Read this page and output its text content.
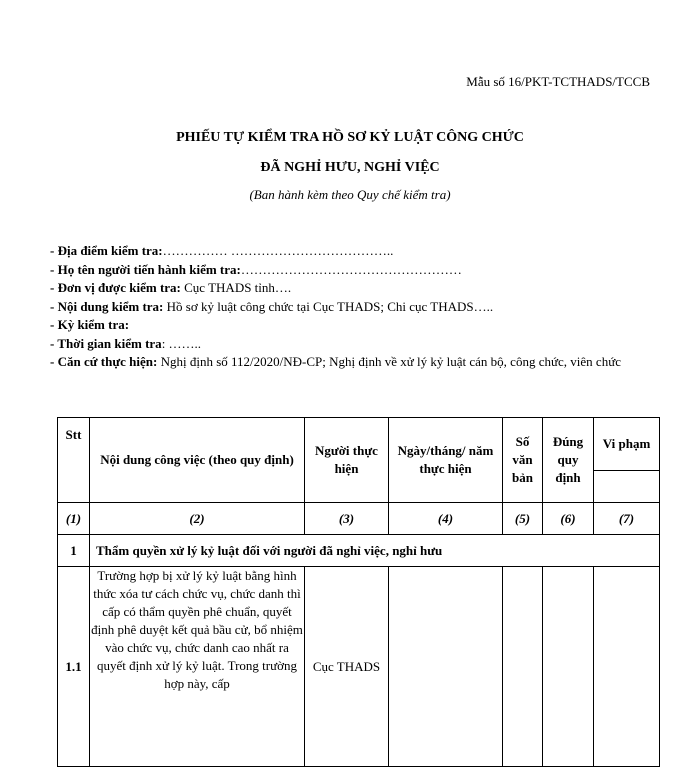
Mẫu số 16/PKT-TCTHADS/TCCB
PHIẾU TỰ KIỂM TRA HỒ SƠ KỶ LUẬT CÔNG CHỨC
ĐÃ NGHỈ HƯU, NGHỈ VIỆC
(Ban hành kèm theo Quy chế kiểm tra)
- Địa điểm kiểm tra:…………… ………………………………..
- Họ tên người tiến hành kiểm tra:……………………………………………
- Đơn vị được kiểm tra: Cục THADS tỉnh….
- Nội dung kiểm tra: Hồ sơ kỷ luật công chức tại Cục THADS; Chi cục THADS…..
- Kỳ kiểm tra:
- Thời gian kiểm tra: ……..
- Căn cứ thực hiện: Nghị định số 112/2020/NĐ-CP; Nghị định về xử lý kỷ luật cán bộ, công chức, viên chức
Stt	Nội dung công việc (theo quy định)	Người thực hiện	Ngày/tháng/ năm thực hiện	Số văn bản	Đúng quy định	Vi phạm

(1)	(2)	(3)	(4)	(5)	(6)	(7)
1	Thẩm quyền xử lý kỷ luật đối với người đã nghỉ việc, nghỉ hưu					
1.1	Trường hợp bị xử lý kỷ luật bằng hình thức xóa tư cách chức vụ, chức danh thì cấp có thẩm quyền phê chuẩn, quyết định phê duyệt kết quả bầu cử, bổ nhiệm vào chức vụ, chức danh cao nhất ra quyết định xử lý kỷ luật. Trong trường hợp này, cấp	Cục THADS				
